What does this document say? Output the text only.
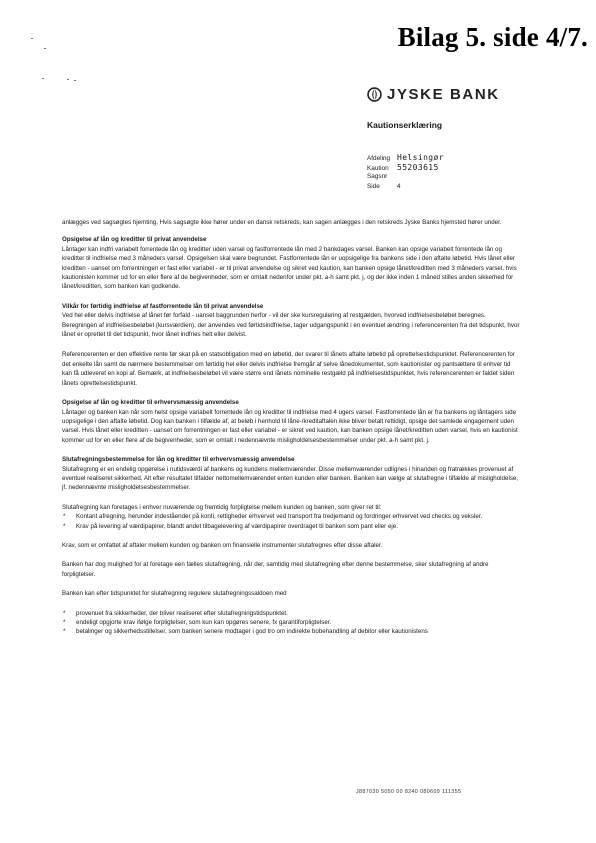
Bilag 5. side 4/7.
JYSKE BANK
Kautionserklæring
Afdeling Helsingør
Kaution	55203615
Sagsnr
Side	4

anlægges ved sagsøgtes hjemting. Hvis sagsøgte ikke hører under en dansk retskreds, kan sagen anlægges i den retskreds Jyske Banks hjemsted hører under.

Opsigelse af lån og kreditter til privat anvendelse

Låntager kan indfri variabelt forrentede lån og kreditter uden varsel og fastforrentede lån med 2 bankdages varsel. Banken kan opsige variabelt forrentede lån og kreditter til indfrielse med 3 måneders varsel. Opsigelsen skal være begrundet. Fastforrentede lån er uopsigelige fra bankens side i den aftalte løbetid. Hvis lånet eller kreditten - uanset om forrentningen er fast eller variabel - er til privat anvendelse og sikret ved kaution, kan banken opsige lånet/kreditten med 3 måneders varsel, hvis kautionisten kommer ud for en eller flere af de begivenheder, som er omtalt nedenfor under pkt. a-h samt pkt. j, og der ikke inden 1 måned stilles anden sikkerhed for lånet/kreditten, som banken kan godkende.

Vilkår for førtidig indfrielse af fastforrentede lån til privat anvendelse

Ved hel eller delvis indfrielse af lånet før forfald - uanset baggrunden herfor - vil der ske kursregulering af restgælden, hvorved indfrielsesbeløbet beregnes. Beregningen af indfrielsesbeløbet (kursværdien), der anvendes ved førtidsindfrielse, tager udgangspunkt i en eventuel ændring i referencerenten fra det tidspunkt, hvor lånet er oprettet til det tidspunkt, hvor lånet indfries helt eller delvist.

Referencerenten er den effektive rente før skat på en statsobligation med en løbetid, der svarer til lånets aftalte løbetid på oprettelsestidspunktet. Referencerenten for det enkelte lån samt de nærmere bestemmelser om førtidig hel eller delvis indfrielse fremgår af selve lånedokumentet, som kautionister og pantsættere til enhver tid kan få udleveret en kopi af. Bemærk, at indfrielsesbeløbet vil være større end lånets nominelle restgæld på indfrielsestidspunktet, hvis referencerenten er faldet siden lånets oprettelsestidspunkt.

Opsigelse af lån og kreditter til erhvervsmæssig anvendelse

Låntager og banken kan når som helst opsige variabelt forrentede lån og kreditter til indfrielse med 4 ugers varsel. Fastforrentede lån er fra bankens og låntagers side uopsigelige i den aftalte løbetid. Dog kan banken i tilfælde af, at beløb i henhold til låne-/kreditaftalen ikke bliver betalt rettidigt, opsige det samlede engagement uden varsel. Hvis lånet eller kreditten - uanset om forrentningen er fast eller variabel - er sikret ved kaution, kan banken opsige lånet/kreditten uden varsel, hvis en kautionist kommer ud for en eller flere af de begivenheder, som er omtalt i nedennævnte misligholdelsesbestemmelser under pkt. a-h samt pkt. j.

Slutafregningsbestemmelse for lån og kreditter til erhvervsmæssig anvendelse

Slutafregning er en endelig opgørelse i nutidsværdi af bankens og kundens mellemværender. Disse mellemværender udlignes i hinanden og fratrækkes provenuet af eventuel realiseret sikkerhed. Alt efter resultatet tilfalder nettomellemværendet enten kunden eller banken. Banken kan vælge at slutafregne i tilfælde af misligholdelse, jf. nedennævnte misligholdelsesbestemmelser.

Slutafregning kan foretages i enhver nuværende og fremtidig forpligtelse mellem kunden og banken, som giver ret til:

* Kontant afregning, herunder indeståender på konti, rettigheder erhvervet ved transport fra tredjemand og fordringer erhvervet ved checks og veksler.
* Krav på levering af værdipapirer, blandt andet tilbagelevering af værdipapirer overdraget til banken som pant eller eje.

Krav, som er omfattet af aftaler mellem kunden og banken om finansielle instrumenter slutafregnes efter disse aftaler.

Banken har dog mulighed for at foretage een fælles slutafregning, når der, samtidig med slutafregning efter denne bestemmelse, sker slutafregning af andre forpligtelser.

Banken kan efter tidspunktet for slutafregning regulere slutafregningssaldoen med

* provenuet fra sikkerheder, der bliver realiseret efter slutafregningstidspunktet.
* endeligt opgjorte krav ifølge forpligtelser, som kun kan opgøres senere, fx garantiforpligtelser.
* betalinger og sikkerhedsstillelser, som banken senere modtager i god tro om indirekte bobehandling af debitor eller kautionistens
J887030 5050 00 8240 080609 111355
